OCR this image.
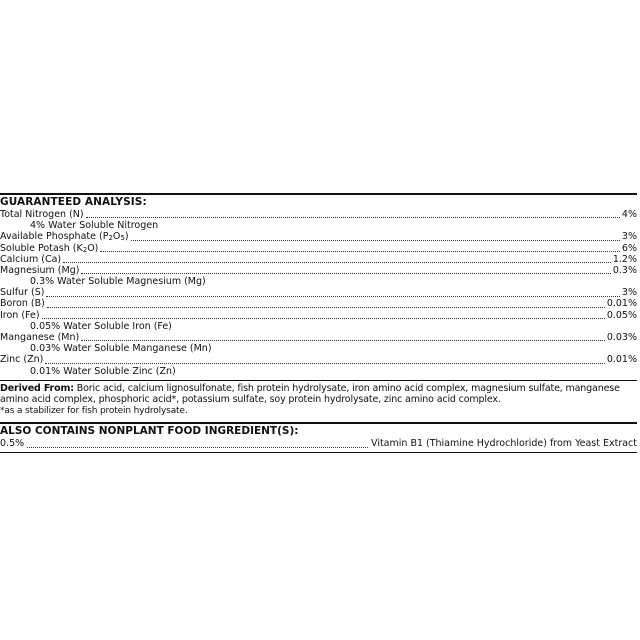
GUARANTEED ANALYSIS:
Total Nitrogen (N)	4%
4% Water Soluble Nitrogen
Available Phosphate $(P_2O_5)$	3%
Soluble Potash $(K_2O)$	6%
Calcium (Ca)	1.2%
Magnesium (Mg)	0.3%
0.3% Water Soluble Magnesium (Mg)
Sulfur (S)	3%
Boron (B)	0.01%
Iron (Fe)	0.05%
0.05% Water Soluble Iron (Fe)
Manganese (Mn)	0.03%
0.03% Water Soluble Manganese (Mn)
Zinc (Zn)	0.01%
0.01% Water Soluble Zinc (Zn)
Derived From: Boric acid, calcium lignosulfonate, fish protein hydrolysate, iron amino acid complex, magnesium sulfate, manganese amino acid complex, phosphoric acid*, potassium sulfate, soy protein hydrolysate, zinc amino acid complex.
*as a stabilizer for fish protein hydrolysate.
ALSO CONTAINS NONPLANT FOOD INGREDIENT(S):
0.5%	Vitamin B1 (Thiamine Hydrochloride) from Yeast Extract
